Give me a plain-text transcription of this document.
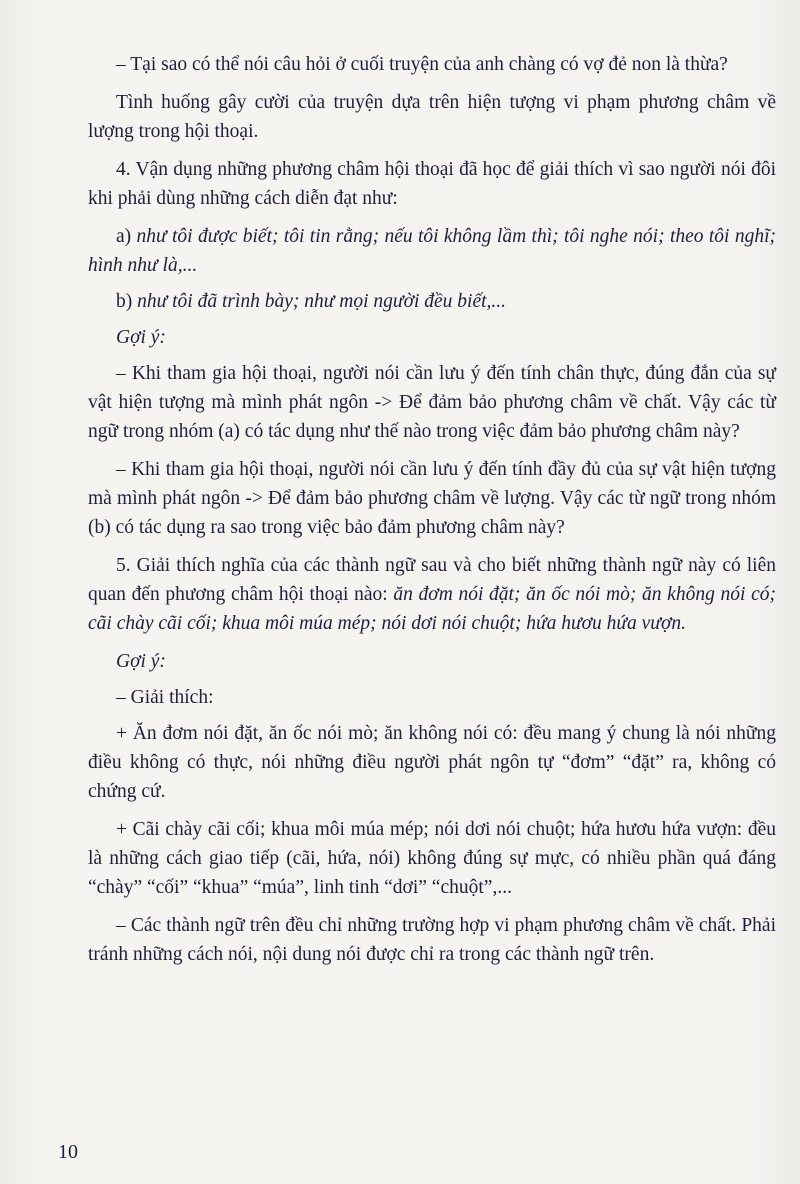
– Tại sao có thể nói câu hỏi ở cuối truyện của anh chàng có vợ đẻ non là thừa?

Tình huống gây cười của truyện dựa trên hiện tượng vi phạm phương châm về lượng trong hội thoại.

4. Vận dụng những phương châm hội thoại đã học để giải thích vì sao người nói đôi khi phải dùng những cách diễn đạt như:

a) như tôi được biết; tôi tin rằng; nếu tôi không lầm thì; tôi nghe nói; theo tôi nghĩ; hình như là,...

b) như tôi đã trình bày; như mọi người đều biết,...

Gợi ý:

– Khi tham gia hội thoại, người nói cần lưu ý đến tính chân thực, đúng đắn của sự vật hiện tượng mà mình phát ngôn -> Để đảm bảo phương châm về chất. Vậy các từ ngữ trong nhóm (a) có tác dụng như thế nào trong việc đảm bảo phương châm này?

– Khi tham gia hội thoại, người nói cần lưu ý đến tính đầy đủ của sự vật hiện tượng mà mình phát ngôn -> Để đảm bảo phương châm về lượng. Vậy các từ ngữ trong nhóm (b) có tác dụng ra sao trong việc bảo đảm phương châm này?

5. Giải thích nghĩa của các thành ngữ sau và cho biết những thành ngữ này có liên quan đến phương châm hội thoại nào: ăn đơm nói đặt; ăn ốc nói mò; ăn không nói có; cãi chày cãi cối; khua môi múa mép; nói dơi nói chuột; hứa hươu hứa vượn.

Gợi ý:

– Giải thích:

+ Ăn đơm nói đặt, ăn ốc nói mò; ăn không nói có: đều mang ý chung là nói những điều không có thực, nói những điều người phát ngôn tự “đơm” “đặt” ra, không có chứng cứ.

+ Cãi chày cãi cối; khua môi múa mép; nói dơi nói chuột; hứa hươu hứa vượn: đều là những cách giao tiếp (cãi, hứa, nói) không đúng sự mực, có nhiều phần quá đáng “chày” “cối” “khua” “múa”, linh tinh “dơi” “chuột”,...

– Các thành ngữ trên đều chỉ những trường hợp vi phạm phương châm về chất. Phải tránh những cách nói, nội dung nói được chỉ ra trong các thành ngữ trên.

10
